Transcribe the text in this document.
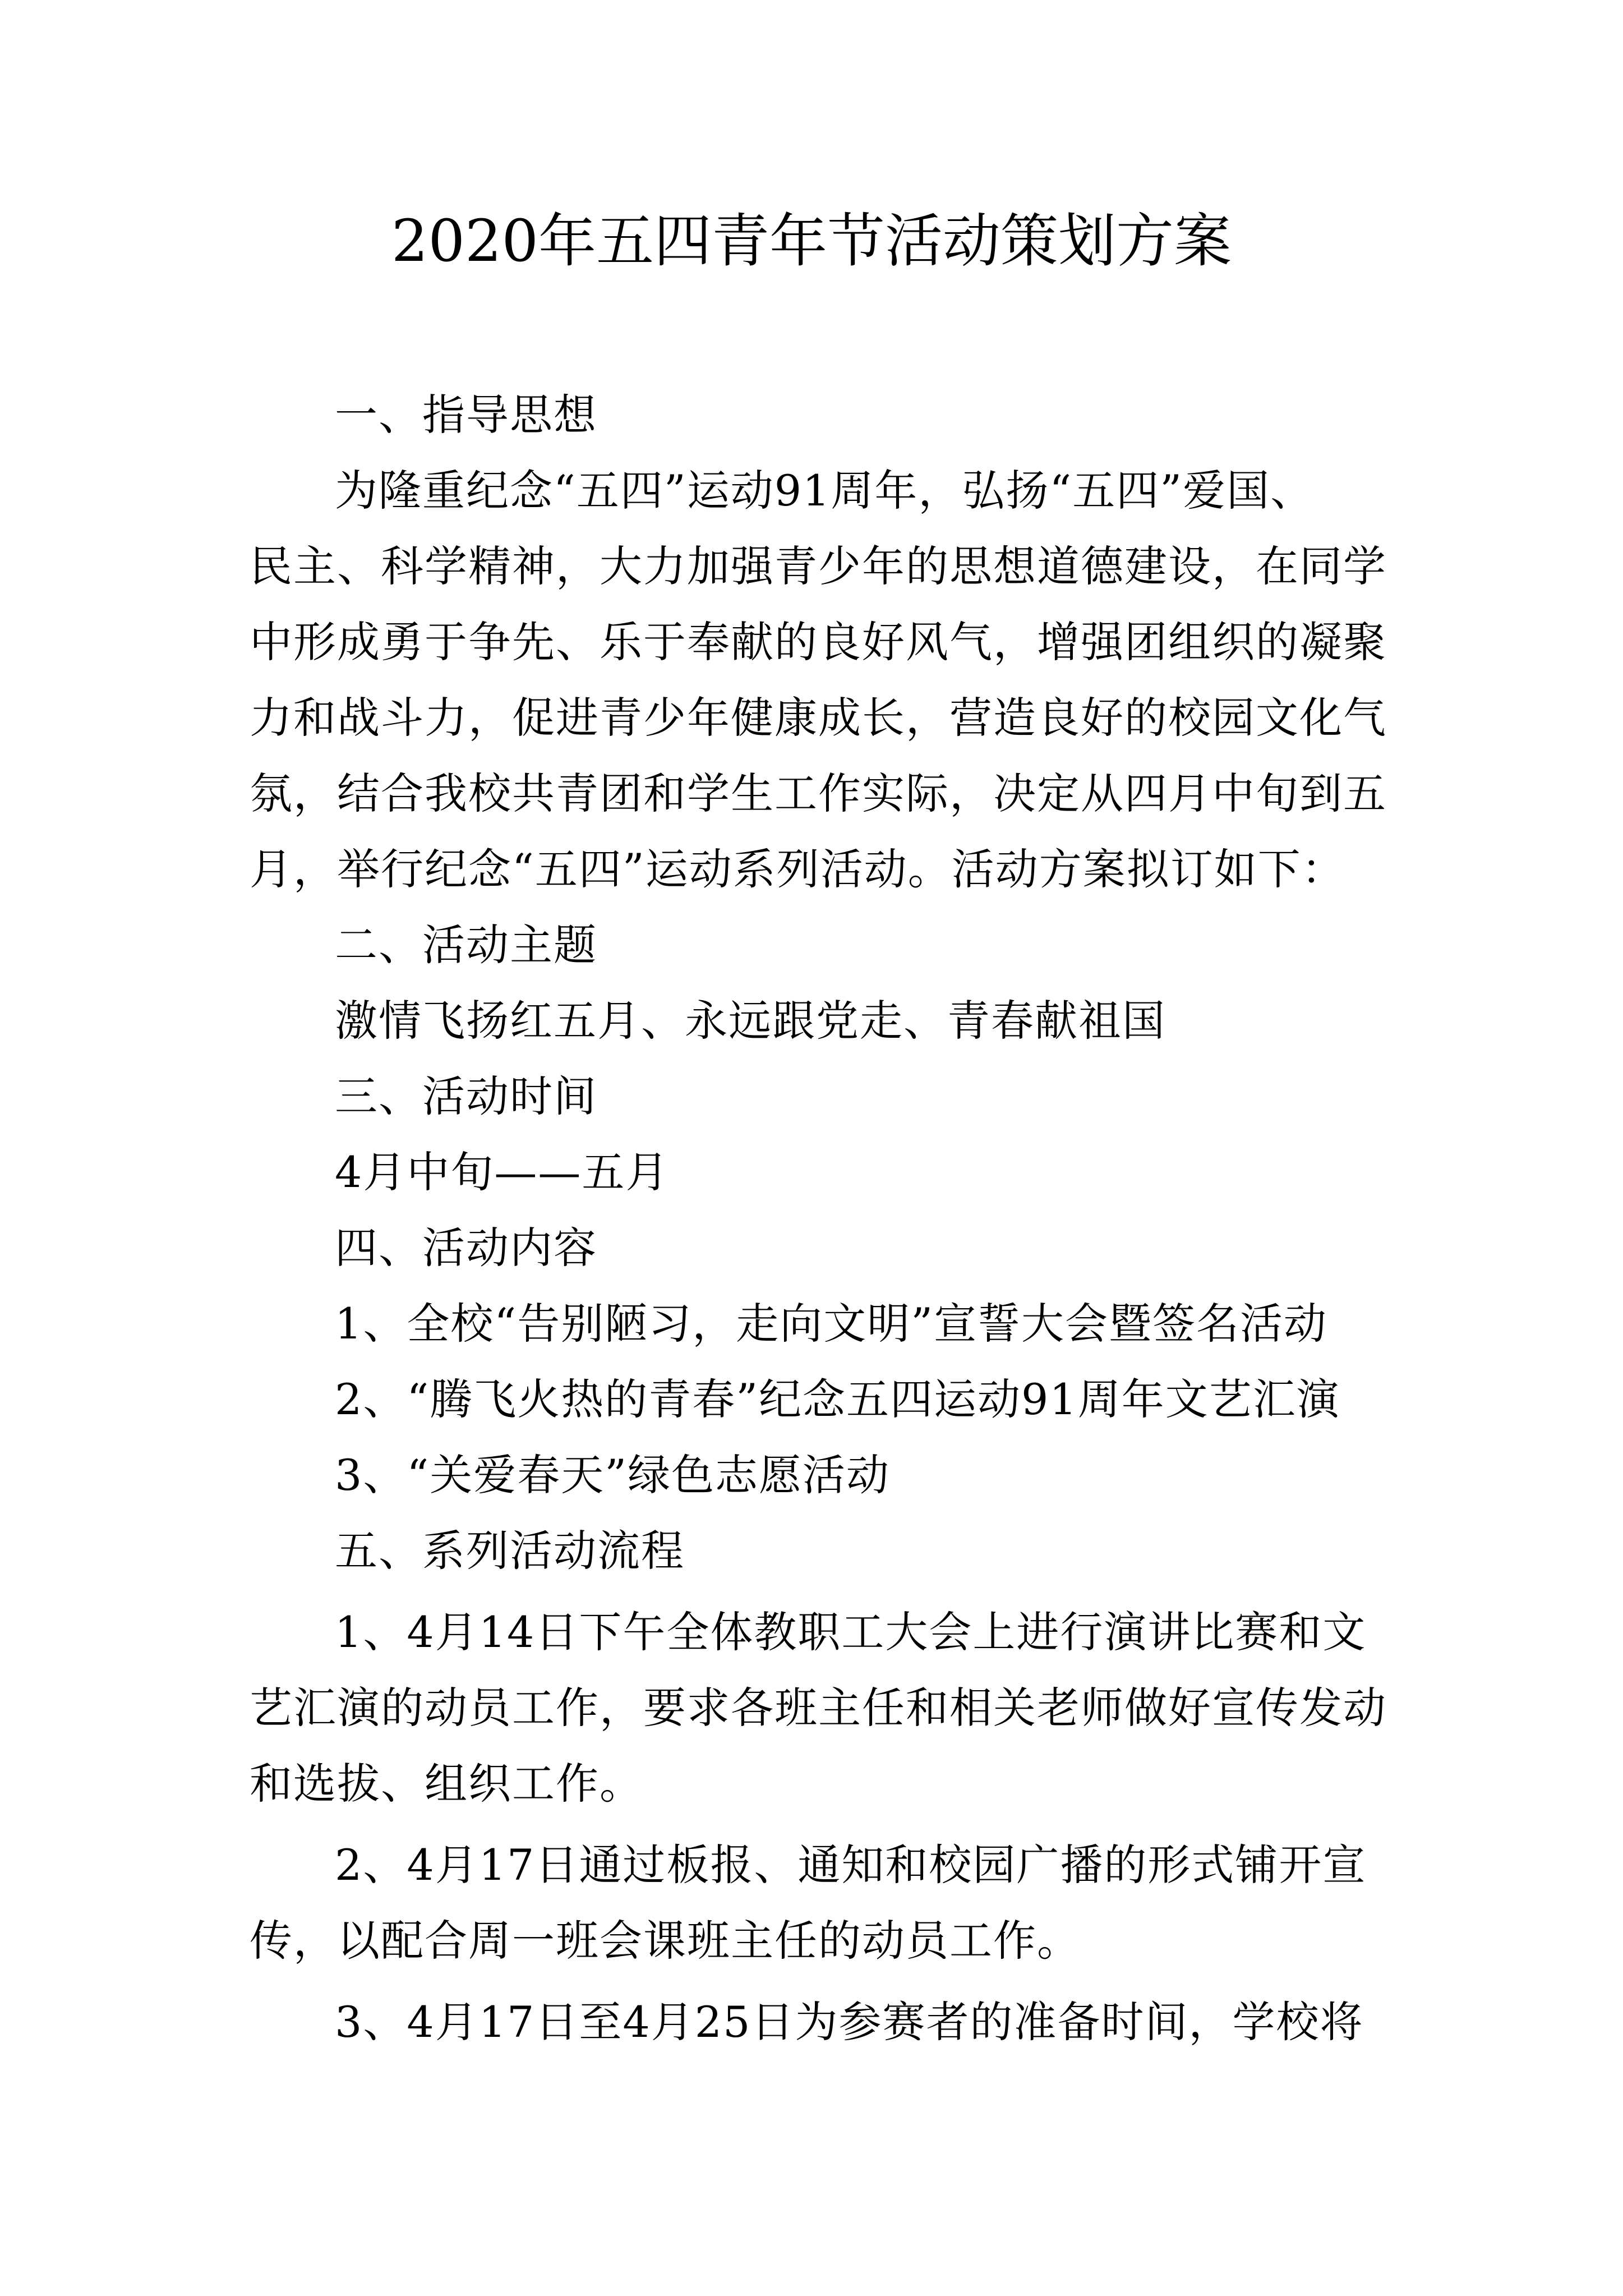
2020年五四青年节活动策划方案
一、指导思想
为隆重纪念“五四”运动91周年，弘扬“五四”爱国、
民主、科学精神，大力加强青少年的思想道德建设，在同学
中形成勇于争先、乐于奉献的良好风气，增强团组织的凝聚
力和战斗力，促进青少年健康成长，营造良好的校园文化气
氛，结合我校共青团和学生工作实际，决定从四月中旬到五
月，举行纪念“五四”运动系列活动。活动方案拟订如下：
二、活动主题
激情飞扬红五月、永远跟党走、青春献祖国
三、活动时间
4月中旬——五月
四、活动内容
1、全校“告别陋习，走向文明”宣誓大会暨签名活动
2、“腾飞火热的青春”纪念五四运动91周年文艺汇演
3、“关爱春天”绿色志愿活动
五、系列活动流程
1、4月14日下午全体教职工大会上进行演讲比赛和文
艺汇演的动员工作，要求各班主任和相关老师做好宣传发动
和选拔、组织工作。
2、4月17日通过板报、通知和校园广播的形式铺开宣
传，以配合周一班会课班主任的动员工作。
3、4月17日至4月25日为参赛者的准备时间，学校将
